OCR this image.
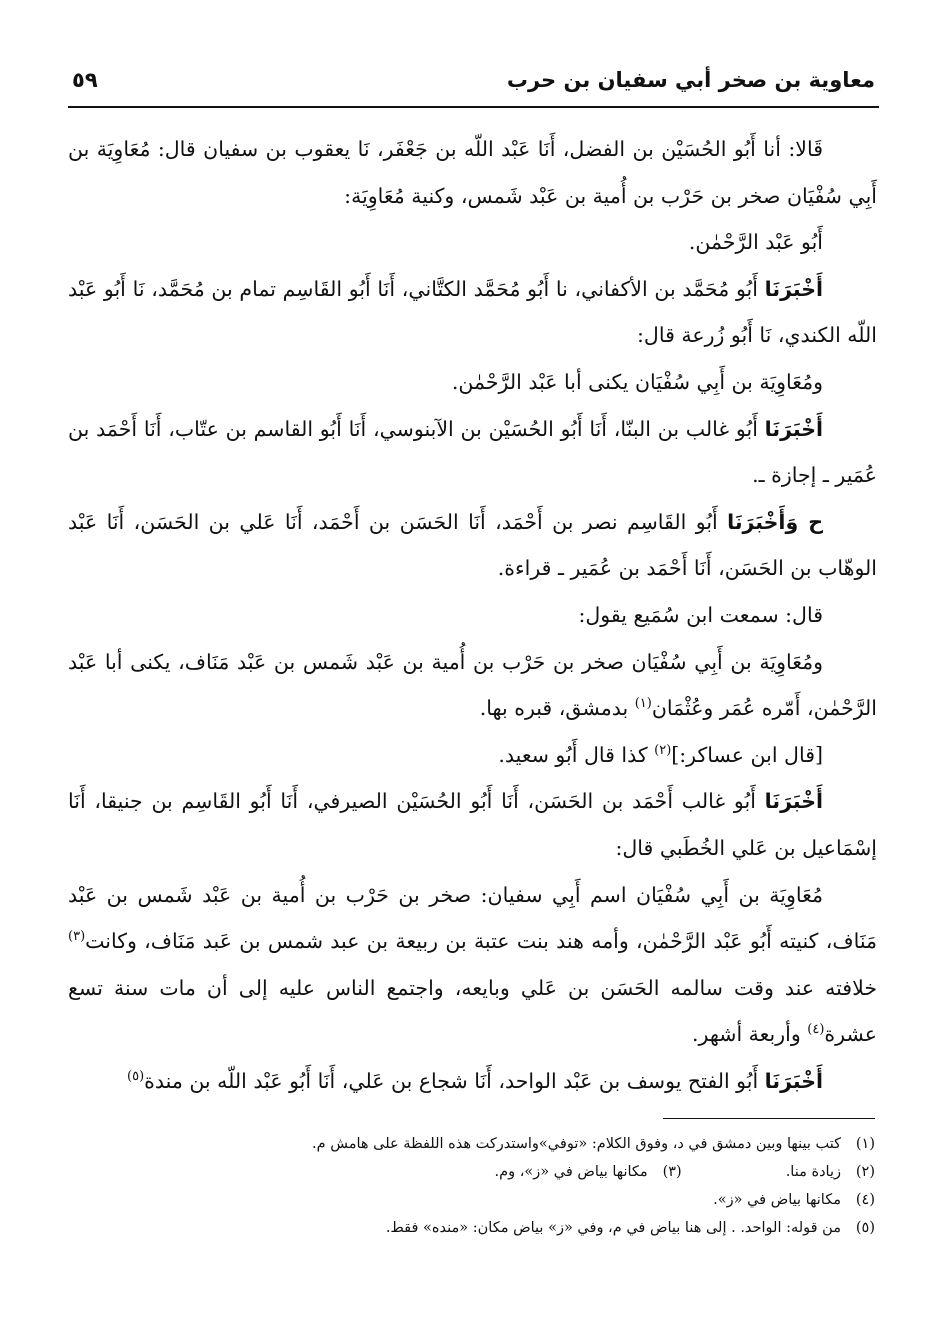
معاوية بن صخر أبي سفيان بن حرب
٥٩

قَالا: أنا أَبُو الحُسَيْن بن الفضل، أَنَا عَبْد اللّه بن جَعْفَر، نَا يعقوب بن سفيان قال: مُعَاوِيَة بن أَبِي سُفْيَان صخر بن حَرْب بن أُمية بن عَبْد شَمس، وكنية مُعَاوِيَة:

أَبُو عَبْد الرَّحْمٰن.

أَخْبَرَنَا أَبُو مُحَمَّد بن الأكفاني، نا أَبُو مُحَمَّد الكتَّاني، أَنَا أَبُو القَاسِم تمام بن مُحَمَّد، نَا أَبُو عَبْد اللّه الكندي، نَا أَبُو زُرعة قال:

ومُعَاوِيَة بن أَبِي سُفْيَان يكنى أبا عَبْد الرَّحْمٰن.

أَخْبَرَنَا أَبُو غالب بن البنّا، أَنَا أَبُو الحُسَيْن بن الآبنوسي، أَنَا أَبُو القاسم بن عتّاب، أَنَا أَحْمَد بن عُمَير ـ إجازة ـ.

ح وَأَخْبَرَنَا أَبُو القَاسِم نصر بن أَحْمَد، أَنَا الحَسَن بن أَحْمَد، أَنَا عَلي بن الحَسَن، أَنَا عَبْد الوهّاب بن الحَسَن، أَنَا أَحْمَد بن عُمَير ـ قراءة.

قال: سمعت ابن سُمَيع يقول:

ومُعَاوِيَة بن أَبِي سُفْيَان صخر بن حَرْب بن أُمية بن عَبْد شَمس بن عَبْد مَنَاف، يكنى أبا عَبْد الرَّحْمٰن، أَمّره عُمَر وعُثْمَان$^{(١)}$ بدمشق، قبره بها.

[قال ابن عساكر:]$^{(٢)}$ كذا قال أَبُو سعيد.

أَخْبَرَنَا أَبُو غالب أَحْمَد بن الحَسَن، أَنَا أَبُو الحُسَيْن الصيرفي، أَنَا أَبُو القَاسِم بن جنيقا، أَنَا إسْمَاعيل بن عَلي الخُطَبي قال:

مُعَاوِيَة بن أَبِي سُفْيَان اسم أَبِي سفيان: صخر بن حَرْب بن أُمية بن عَبْد شَمس بن عَبْد مَنَاف، كنيته أَبُو عَبْد الرَّحْمٰن، وأمه هند بنت عتبة بن ربيعة بن عبد شمس بن عَبد مَنَاف، وكانت$^{(٣)}$ خلافته عند وقت سالمه الحَسَن بن عَلي وبايعه، واجتمع الناس عليه إلى أن مات سنة تسع عشرة$^{(٤)}$ وأربعة أشهر.

أَخْبَرَنَا أَبُو الفتح يوسف بن عَبْد الواحد، أَنَا شجاع بن عَلي، أَنَا أَبُو عَبْد اللّه بن مندة$^{(٥)}$

(١)
كتب بينها وبين دمشق في د، وفوق الكلام: «توفي»واستدركت هذه اللفظة على هامش م.
(٢)
زيادة منا.
(٣)
مكانها بياض في «ز»، وم.
(٤)
مكانها بياض في «ز».
(٥)
من قوله: الواحد. . إلى هنا بياض في م، وفي «ز» بياض مكان: «منده» فقط.
